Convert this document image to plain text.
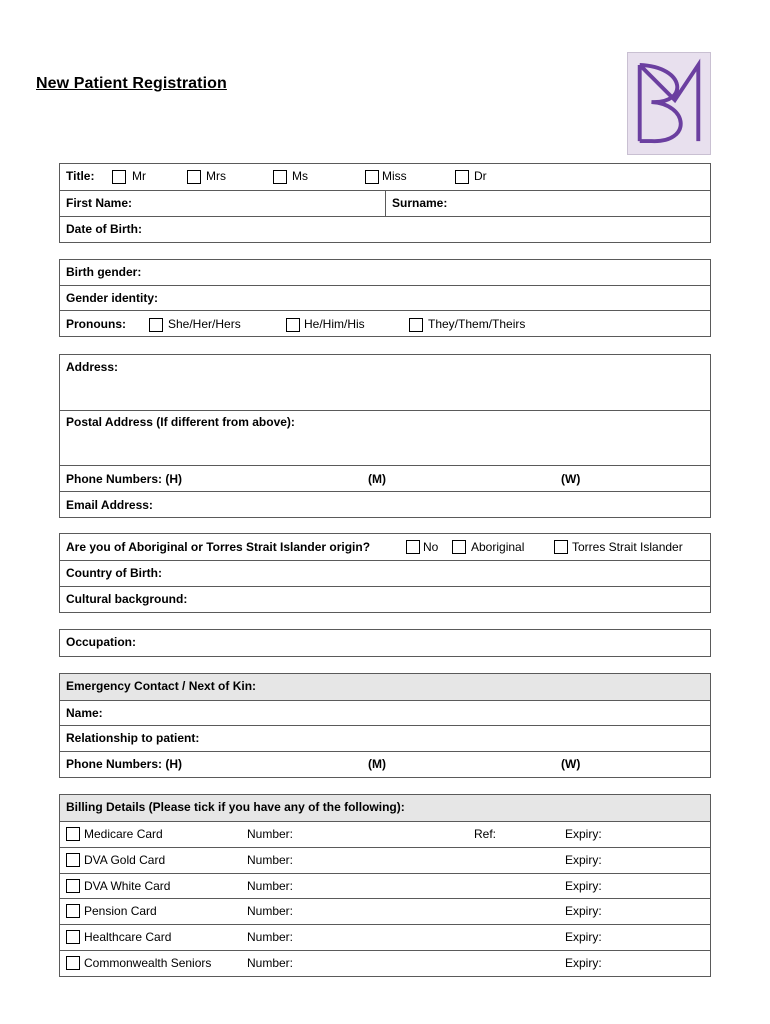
New Patient Registration
Title:	Mr	Mrs	Ms	Miss	Dr
First Name:	Surname:
Date of Birth:
Birth gender:
Gender identity:
Pronouns:	She/Her/Hers	He/Him/His	They/Them/Theirs
Address:
Postal Address (If different from above):
Phone Numbers: (H)	(M)	(W)
Email Address:
Are you of Aboriginal or Torres Strait Islander origin?	No	Aboriginal	Torres Strait Islander
Country of Birth:
Cultural background:
Occupation:
Emergency Contact / Next of Kin:
Name:
Relationship to patient:
Phone Numbers: (H)	(M)	(W)
Billing Details (Please tick if you have any of the following):
Medicare Card	Number:	Ref:	Expiry:
DVA Gold Card	Number:	Expiry:
DVA White Card	Number:	Expiry:
Pension Card	Number:	Expiry:
Healthcare Card	Number:	Expiry:
Commonwealth Seniors	Number:	Expiry:
